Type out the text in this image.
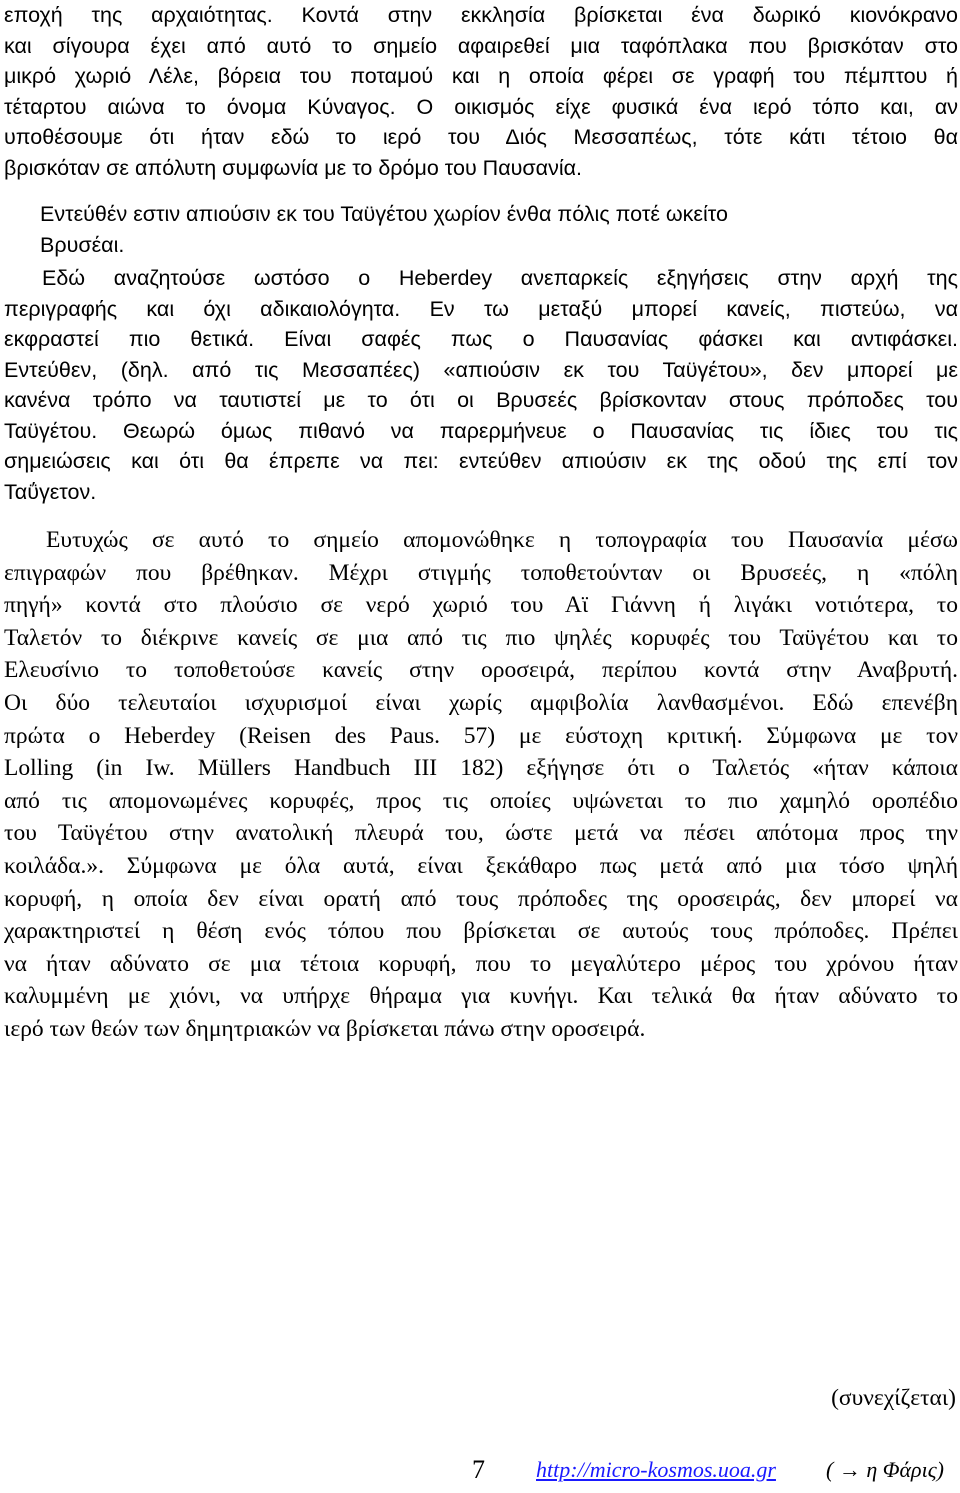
εποχή της αρχαιότητας. Κοντά στην εκκλησία βρίσκεται ένα δωρικό κιονόκρανο
και σίγουρα έχει από αυτό το σημείο αφαιρεθεί μια ταφόπλακα που βρισκόταν στο
μικρό χωριό Λέλε, βόρεια του ποταμού και η οποία φέρει σε γραφή του πέμπτου ή
τέταρτου αιώνα το όνομα Κύναγος. Ο οικισμός είχε φυσικά ένα ιερό τόπο και, αν
υποθέσουμε ότι ήταν εδώ το ιερό του Διός Μεσσαπέως, τότε κάτι τέτοιο θα
βρισκόταν σε απόλυτη συμφωνία με το δρόμο του Παυσανία.
Εντεύθέν εστιν απιούσιν εκ του Ταϋγέτου χωρίον ένθα πόλις ποτέ ωκείτο
Βρυσέαι.
Εδώ αναζητούσε ωστόσο ο Heberdey ανεπαρκείς εξηγήσεις στην αρχή της
περιγραφής και όχι αδικαιολόγητα. Εν τω μεταξύ μπορεί κανείς, πιστεύω, να
εκφραστεί πιο θετικά. Είναι σαφές πως ο Παυσανίας φάσκει και αντιφάσκει.
Εντεύθεν, (δηλ. από τις Μεσσαπέες) «απιούσιν εκ του Ταϋγέτου», δεν μπορεί με
κανένα τρόπο να ταυτιστεί με το ότι οι Βρυσεές βρίσκονταν στους πρόποδες του
Ταϋγέτου. Θεωρώ όμως πιθανό να παρερμήνευε ο Παυσανίας τις ίδιες του τις
σημειώσεις και ότι θα έπρεπε να πει: εντεύθεν απιούσιν εκ της οδού της επί τον
Ταΰγετον.
Ευτυχώς σε αυτό το σημείο απομονώθηκε η τοπογραφία του Παυσανία μέσω
επιγραφών που βρέθηκαν. Μέχρι στιγμής τοποθετούνταν οι Βρυσεές, η «πόλη
πηγή» κοντά στο πλούσιο σε νερό χωριό του Αϊ Γιάννη ή λιγάκι νοτιότερα, το
Ταλετόν το διέκρινε κανείς σε μια από τις πιο ψηλές κορυφές του Ταϋγέτου και το
Ελευσίνιο το τοποθετούσε κανείς στην οροσειρά, περίπου κοντά στην Αναβρυτή.
Οι δύο τελευταίοι ισχυρισμοί είναι χωρίς αμφιβολία λανθασμένοι. Εδώ επενέβη
πρώτα ο Heberdey (Reisen des Paus. 57) με εύστοχη κριτική. Σύμφωνα με τον
Lolling (in Iw. Müllers Handbuch III 182) εξήγησε ότι ο Ταλετός «ήταν κάποια
από τις απομονωμένες κορυφές, προς τις οποίες υψώνεται το πιο χαμηλό οροπέδιο
του Ταϋγέτου στην ανατολική πλευρά του, ώστε μετά να πέσει απότομα προς την
κοιλάδα.». Σύμφωνα με όλα αυτά, είναι ξεκάθαρο πως μετά από μια τόσο ψηλή
κορυφή, η οποία δεν είναι ορατή από τους πρόποδες της οροσειράς, δεν μπορεί να
χαρακτηριστεί η θέση ενός τόπου που βρίσκεται σε αυτούς τους πρόποδες. Πρέπει
να ήταν αδύνατο σε μια τέτοια κορυφή, που το μεγαλύτερο μέρος του χρόνου ήταν
καλυμμένη με χιόνι, να υπήρχε θήραμα για κυνήγι. Και τελικά θα ήταν αδύνατο το
ιερό των θεών των δημητριακών να βρίσκεται πάνω στην οροσειρά.
(συνεχίζεται)
7 http://micro-kosmos.uoa.gr ( → η Φάρις)
